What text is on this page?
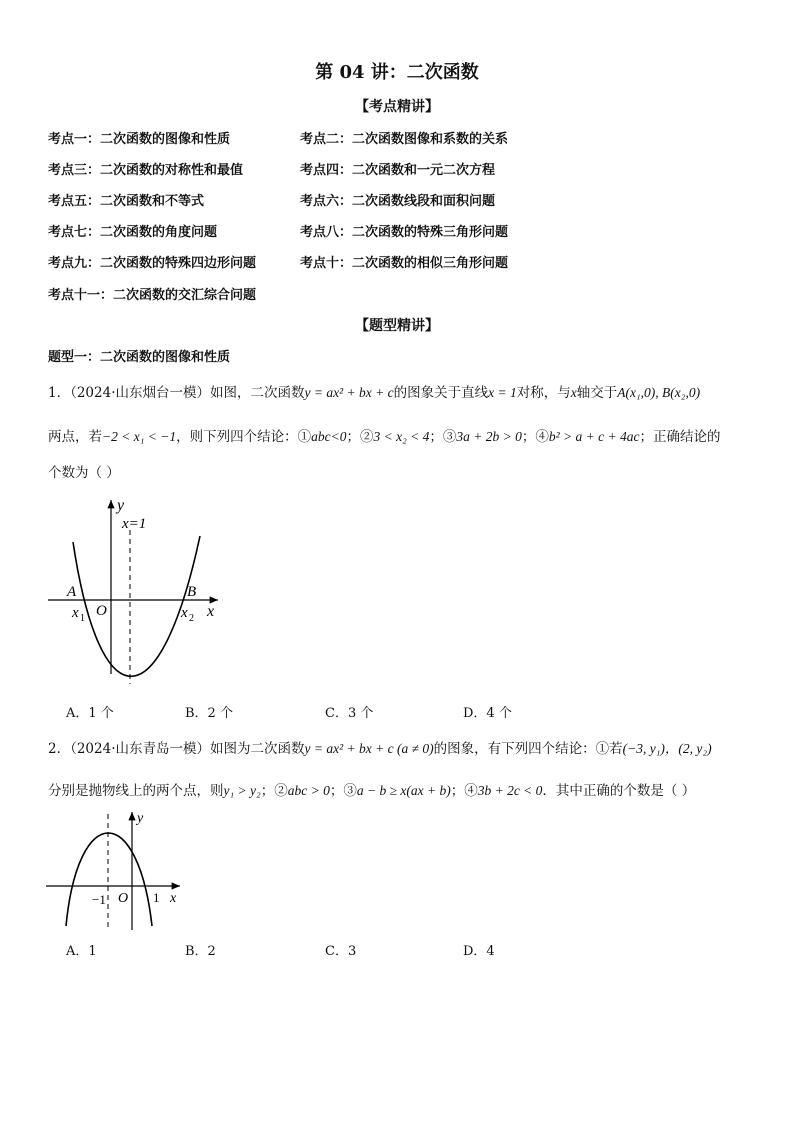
第 04 讲：二次函数
【考点精讲】
考点一：二次函数的图像和性质	考点二：二次函数图像和系数的关系
考点三：二次函数的对称性和最值	考点四：二次函数和一元二次方程
考点五：二次函数和不等式	考点六：二次函数线段和面积问题
考点七：二次函数的角度问题	考点八：二次函数的特殊三角形问题
考点九：二次函数的特殊四边形问题	考点十：二次函数的相似三角形问题
考点十一：二次函数的交汇综合问题
【题型精讲】
题型一：二次函数的图像和性质
1．（2024·山东烟台一模）如图，二次函数y = ax² + bx + c的图象关于直线x = 1对称，与x轴交于A(x₁,0), B(x₂,0)
两点，若−2 < x₁ < −1，则下列四个结论：①abc<0；②3 < x₂ < 4；③3a + 2b > 0；④b² > a + c + 4ac；正确结论的
个数为（ ）
y
x=1
A	B
x 1 O	x 2 x
A．1 个	B．2 个	C．3 个	D．4 个
2．（2024·山东青岛一模）如图为二次函数y = ax² + bx + c (a ≠ 0)的图象，有下列四个结论：①若(−3, y₁)，(2, y₂)
分别是抛物线上的两个点，则y₁ > y₂；②abc > 0；③a − b ≥ x(ax + b)；④3b + 2c < 0．其中正确的个数是（ ）
y
−1 O 1 x
A．1	B．2	C．3	D．4
